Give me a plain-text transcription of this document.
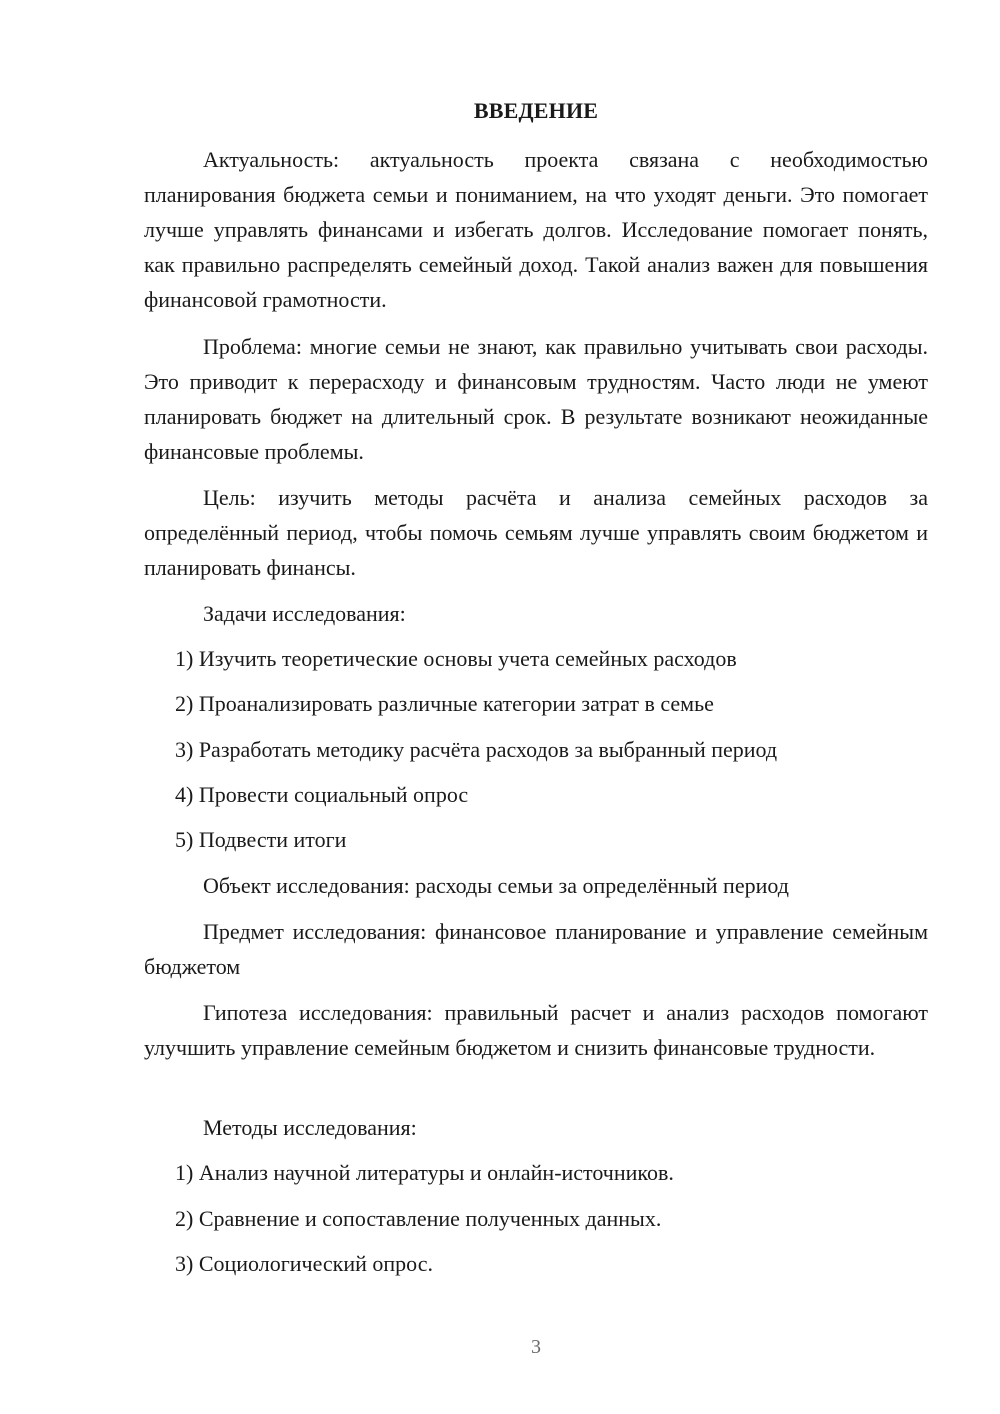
ВВЕДЕНИЕ

Актуальность: актуальность проекта связана с необходимостью планирования бюджета семьи и пониманием, на что уходят деньги. Это помогает лучше управлять финансами и избегать долгов. Исследование помогает понять, как правильно распределять семейный доход. Такой анализ важен для повышения финансовой грамотности.

Проблема: многие семьи не знают, как правильно учитывать свои расходы. Это приводит к перерасходу и финансовым трудностям. Часто люди не умеют планировать бюджет на длительный срок. В результате возникают неожиданные финансовые проблемы.

Цель: изучить методы расчёта и анализа семейных расходов за определённый период, чтобы помочь семьям лучше управлять своим бюджетом и планировать финансы.

Задачи исследования:

1) Изучить теоретические основы учета семейных расходов

2) Проанализировать различные категории затрат в семье

3) Разработать методику расчёта расходов за выбранный период

4) Провести социальный опрос

5) Подвести итоги

Объект исследования: расходы семьи за определённый период

Предмет исследования: финансовое планирование и управление семейным бюджетом

Гипотеза исследования: правильный расчет и анализ расходов помогают улучшить управление семейным бюджетом и снизить финансовые трудности.

Методы исследования:

1) Анализ научной литературы и онлайн-источников.

2) Сравнение и сопоставление полученных данных.

3) Социологический опрос.

3
